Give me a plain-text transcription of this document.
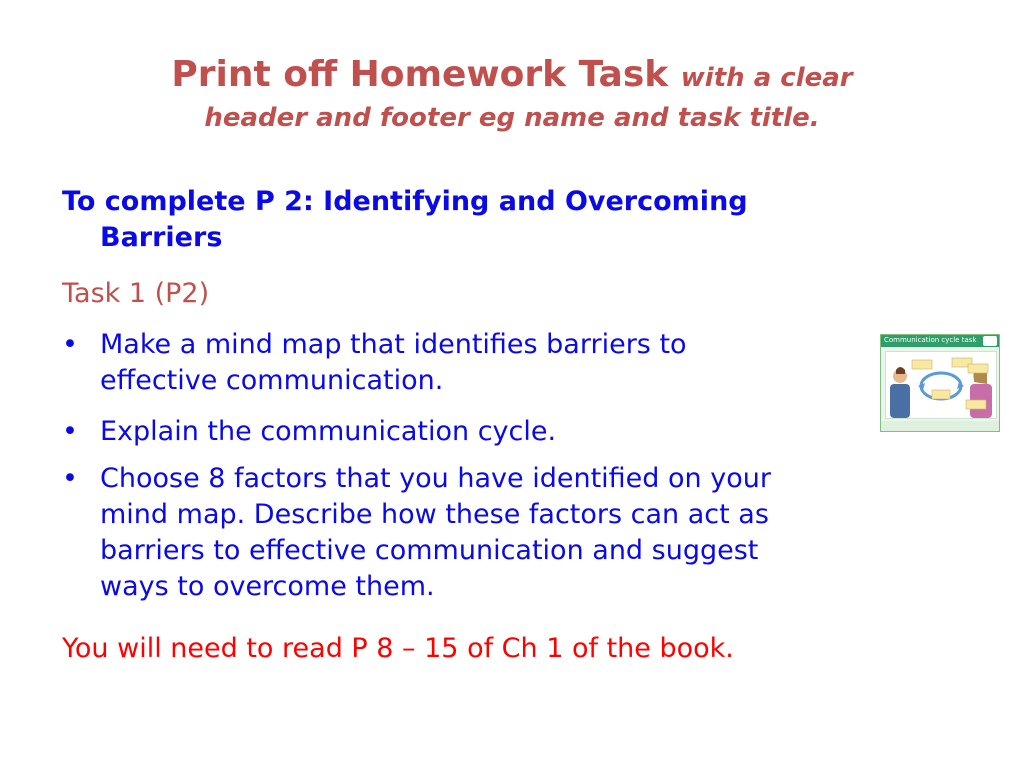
Print off Homework Task with a clear
header and footer eg name and task title.
To complete P 2: Identifying and Overcoming
Barriers
Task 1 (P2)
• Make a mind map that identifies barriers to
effective communication.
• Explain the communication cycle.
• Choose 8 factors that you have identified on your
mind map. Describe how these factors can act as
barriers to effective communication and suggest
ways to overcome them.
You will need to read P 8 – 15 of Ch 1 of the book.
Communication cycle task
